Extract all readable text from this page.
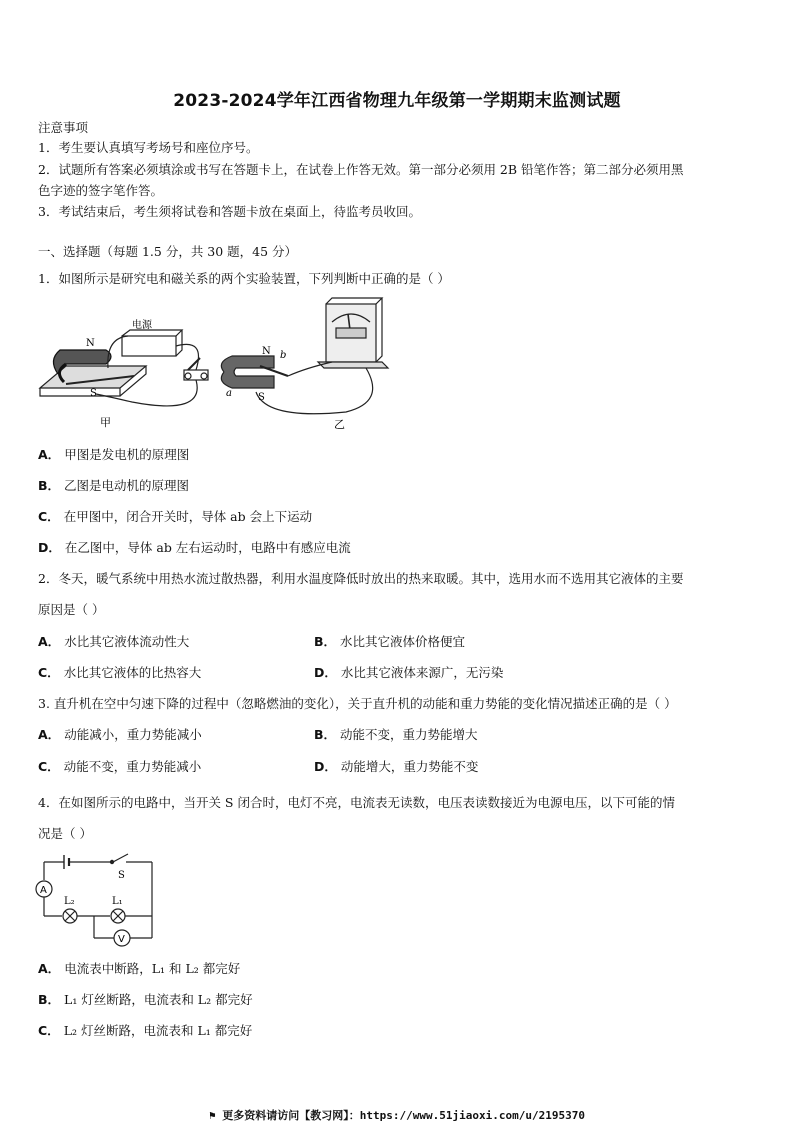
2023-2024学年江西省物理九年级第一学期期末监测试题
注意事项
1．考生要认真填写考场号和座位序号。
2．试题所有答案必须填涂或书写在答题卡上，在试卷上作答无效。第一部分必须用 2B 铅笔作答；第二部分必须用黑
色字迹的签字笔作答。
3．考试结束后，考生须将试卷和答题卡放在桌面上，待监考员收回。
一、选择题（每题 1.5 分，共 30 题，45 分）
1．如图所示是研究电和磁关系的两个实验装置，下列判断中正确的是（ ）
甲
电源
N
S
乙
N
S
a
b
A． 甲图是发电机的原理图
B． 乙图是电动机的原理图
C． 在甲图中，闭合开关时，导体 ab 会上下运动
D． 在乙图中，导体 ab 左右运动时，电路中有感应电流
2．冬天，暖气系统中用热水流过散热器，利用水温度降低时放出的热来取暖。其中，选用水而不选用其它液体的主要
原因是（ ）
A． 水比其它液体流动性大	B． 水比其它液体价格便宜
C． 水比其它液体的比热容大	D． 水比其它液体来源广，无污染
3. 直升机在空中匀速下降的过程中（忽略燃油的变化），关于直升机的动能和重力势能的变化情况描述正确的是（ ）
A． 动能减小，重力势能减小	B． 动能不变，重力势能增大
C． 动能不变，重力势能减小	D． 动能增大，重力势能不变
4．在如图所示的电路中，当开关 S 闭合时，电灯不亮，电流表无读数，电压表读数接近为电源电压，以下可能的情
况是（ ）
A
V
S
L₂	L₁
A． 电流表中断路，L₁ 和 L₂ 都完好
B． L₁ 灯丝断路，电流表和 L₂ 都完好
C． L₂ 灯丝断路，电流表和 L₁ 都完好
⚑ 更多资料请访问【教习网】：https://www.51jiaoxi.com/u/2195370
